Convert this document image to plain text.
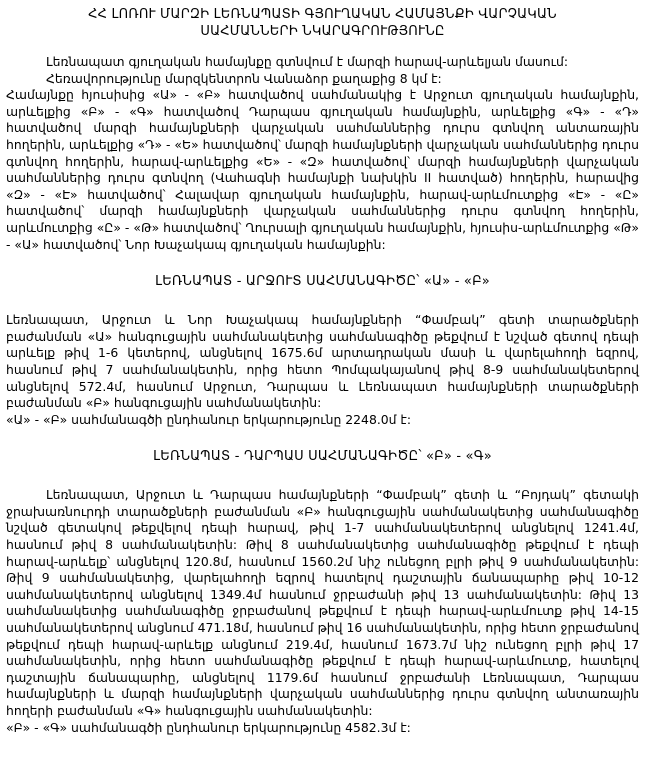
ՀՀ ԼՈՌՈՒ ՄԱՐԶԻ ԼԵՌՆԱՊԱՏԻ ԳՅՈՒՂԱԿԱՆ ՀԱՄԱՅՆՔԻ ՎԱՐՉԱԿԱՆ
ՍԱՀՄԱՆՆԵՐԻ ՆԿԱՐԱԳՐՈՒԹՅՈՒՆԸ

Լեռնապատ գյուղական համայնքը գտնվում է մարզի հարավ-արևելյան մասում:

Հեռավորությունը մարզկենտրոն Վանաձոր քաղաքից 8 կմ է:

Համայնքը հյուսիսից «Ա» - «Բ» հատվածով սահմանակից է Արջուտ գյուղական համայնքին, արևելքից «Բ» - «Գ» հատվածով Դարպաս գյուղական համայնքին, արևելքից «Գ» - «Դ» հատվածով մարզի համայնքների վարչական սահմաններից դուրս գտնվող անտառային հողերին, արևելքից «Դ» - «Ե» հատվածով՝ մարզի համայնքների վարչական սահմաններից դուրս գտնվող հողերին, հարավ-արևելքից «Ե» - «Զ» հատվածով՝ մարզի համայնքների վարչական սահմաններից դուրս գտնվող (Վահագնի համայնքի նախկին II հատված) հողերին, հարավից «Զ» - «Է» հատվածով՝ Հալավար գյուղական համայնքին, հարավ-արևմուտքից «Է» - «Ը» հատվածով՝ մարզի համայնքների վարչական սահմաններից դուրս գտնվող հողերին, արևմուտքից «Ը» - «Թ» հատվածով՝ Ղուրսալի գյուղական համայնքին, հյուսիս-արևմուտքից «Թ» - «Ա» հատվածով՝ Նոր Խաչակապ գյուղական համայնքին:

ԼԵՌՆԱՊԱՏ - ԱՐՋՈՒՏ ՍԱՀՄԱՆԱԳԻԾԸ՝ «Ա» - «Բ»

Լեռնապատ, Արջուտ և Նոր Խաչակապ համայնքների “Փամբակ” գետի տարածքների բաժանման «Ա» հանգուցային սահմանակետից սահմանագիծը թեքվում է նշված գետով դեպի արևելք թիվ 1-6 կետերով, անցնելով 1675.6մ արտադրական մասի և վարելահողի եզրով, հասնում թիվ 7 սահմանակետին, որից հետո Պոմպակայանով թիվ 8-9 սահմանակետերով անցնելով 572.4մ, հասնում Արջուտ, Դարպաս և Լեռնապատ համայնքների տարածքների բաժանման «Բ» հանգուցային սահմանակետին:

«Ա» - «Բ» սահմանագծի ընդհանուր երկարությունը 2248.0մ է:

ԼԵՌՆԱՊԱՏ - ԴԱՐՊԱՍ ՍԱՀՄԱՆԱԳԻԾԸ՝ «Բ» - «Գ»

Լեռնապատ, Արջուտ և Դարպաս համայնքների “Փամբակ” գետի և “Բոյդակ” գետակի ջրախառնուրդի տարածքների բաժանման «Բ» հանգուցային սահմանակետից սահմանագիծը նշված գետակով թեքվելով դեպի հարավ, թիվ 1-7 սահմանակետերով անցնելով 1241.4մ, հասնում թիվ 8 սահմանակետին: Թիվ 8 սահմանակետից սահմանագիծը թեքվում է դեպի հարավ-արևելք՝ անցնելով 120.8մ, հասնում 1560.2մ նիշ ունեցող բլրի թիվ 9 սահմանակետին: Թիվ 9 սահմանակետից, վարելահողի եզրով հատելով դաշտային ճանապարհը թիվ 10-12 սահմանակետերով անցնելով 1349.4մ հասնում ջրբաժանի թիվ 13 սահմանակետին: Թիվ 13 սահմանակետից սահմանագիծը ջրբաժանով թեքվում է դեպի հարավ-արևմուտք թիվ 14-15 սահմանակետերով անցնում 471.18մ, հասնում թիվ 16 սահմանակետին, որից հետո ջրբաժանով թեքվում դեպի հարավ-արևելք անցնում 219.4մ, հասնում 1673.7մ նիշ ունեցող բլրի թիվ 17 սահմանակետին, որից հետո սահմանագիծը թեքվում է դեպի հարավ-արևմուտք, հատելով դաշտային ճանապարհը, անցնելով 1179.6մ հասնում ջրբաժանի Լեռնապատ, Դարպաս համայնքների և մարզի համայնքների վարչական սահմաններից դուրս գտնվող անտառային հողերի բաժանման «Գ» հանգուցային սահմանակետին:

«Բ» - «Գ» սահմանագծի ընդհանուր երկարությունը 4582.3մ է:
